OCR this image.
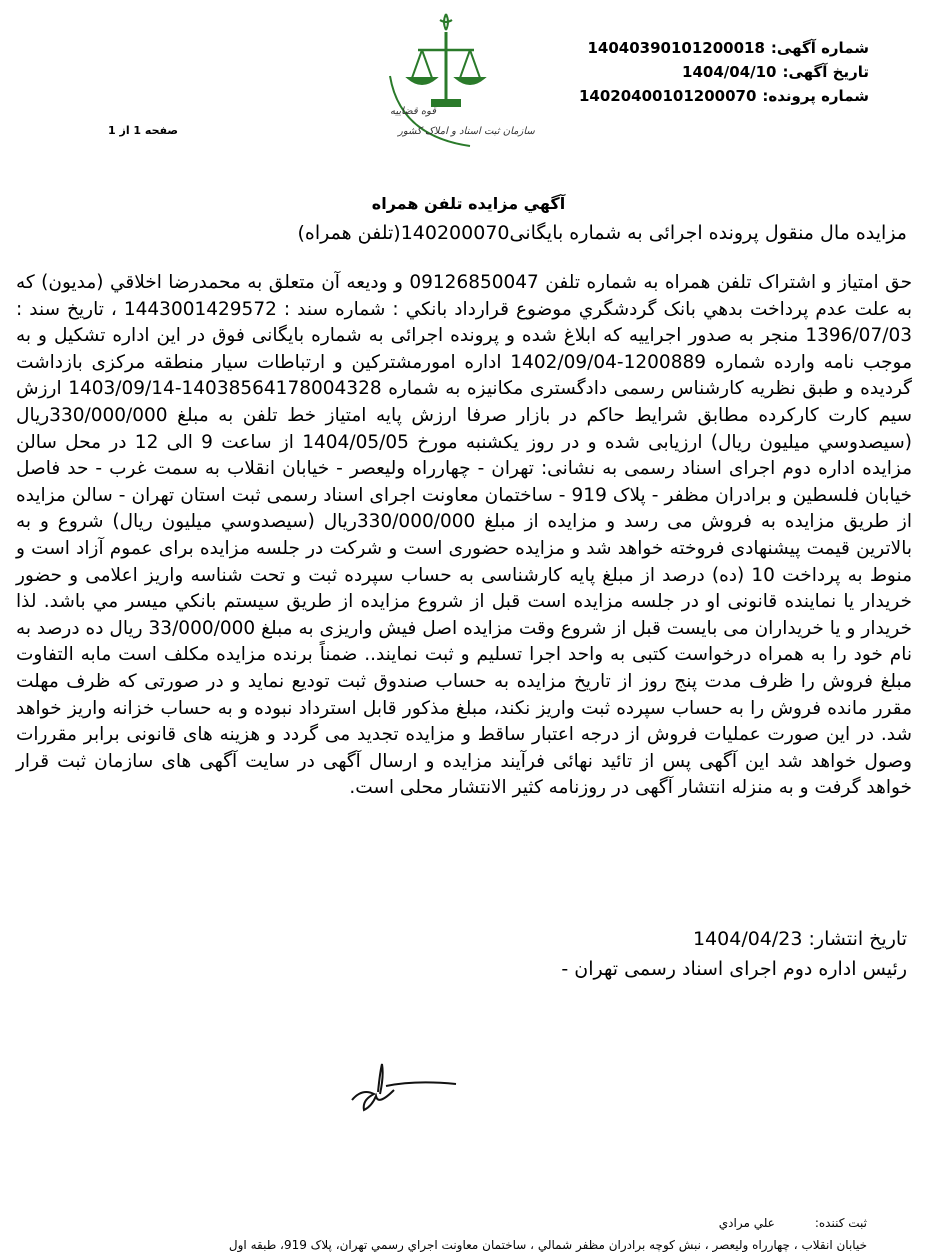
شماره آگهی:
14040390101200018
تاریخ آگهی:
1404/04/10
شماره پرونده:
14020400101200070
صفحه 1 از 1
قوه قضاییه
سازمان ثبت اسناد و املاک کشور
آگهي مزايده تلفن همراه
مزایده مال منقول پرونده اجرائی به شماره بایگانی140200070(تلفن همراه)
حق امتیاز و اشتراک تلفن همراه به شماره تلفن 09126850047 و ودیعه آن متعلق به محمدرضا اخلاقي (مدیون) که به علت عدم پرداخت بدهي بانک گردشگري موضوع قرارداد بانکي : شماره سند : 1443001429572 ، تاریخ سند : 1396/07/03 منجر به صدور اجراییه که ابلاغ شده و پرونده اجرائی به شماره بایگانی فوق در این اداره تشکیل و به موجب نامه وارده شماره 1200889-1402/09/04 اداره امورمشترکین و ارتباطات سیار منطقه مرکزی بازداشت گردیده و طبق نظریه کارشناس رسمی دادگستری مکانیزه به شماره 14038564178004328-1403/09/14 ارزش سیم کارت کارکرده مطابق شرایط حاکم در بازار صرفا ارزش پایه امتیاز خط تلفن به مبلغ 330/000/000ریال (سیصدوسي میلیون ریال) ارزیابی شده و در روز یکشنبه مورخ 1404/05/05 از ساعت 9 الی 12 در محل سالن مزایده اداره دوم اجرای اسناد رسمی به نشانی: تهران - چهارراه ولیعصر - خیابان انقلاب به سمت غرب - حد فاصل خیابان فلسطین و برادران مظفر - پلاک 919 - ساختمان معاونت اجرای اسناد رسمی ثبت استان تهران - سالن مزایده از طریق مزایده به فروش می رسد و مزایده از مبلغ 330/000/000ریال (سیصدوسي میلیون ریال) شروع و به بالاترین قیمت پیشنهادی فروخته خواهد شد و مزایده حضوری است و شرکت در جلسه مزایده برای عموم آزاد است و منوط به پرداخت 10 (ده) درصد از مبلغ پایه کارشناسی به حساب سپرده ثبت و تحت شناسه واریز اعلامی و حضور خریدار یا نماینده قانونی او در جلسه مزایده است قبل از شروع مزایده از طریق سیستم بانکي میسر مي باشد. لذا خریدار و یا خریداران می بایست قبل از شروع وقت مزایده اصل فیش واریزی به مبلغ 33/000/000 ریال ده درصد به نام خود را به همراه درخواست کتبی به واحد اجرا تسلیم و ثبت نمایند.. ضمناً برنده مزایده مکلف است مابه التفاوت مبلغ فروش را ظرف مدت پنج روز از تاریخ مزایده به حساب صندوق ثبت تودیع نماید و در صورتی که ظرف مهلت مقرر مانده فروش را به حساب سپرده ثبت واریز نکند، مبلغ مذکور قابل استرداد نبوده و به حساب خزانه واریز خواهد شد. در این صورت عملیات فروش از درجه اعتبار ساقط و مزایده تجدید می گردد و هزینه های قانونی برابر مقررات وصول خواهد شد این آگهی پس از تائید نهائی فرآیند مزایده و ارسال آگهی در سایت آگهی های سازمان ثبت قرار خواهد گرفت و به منزله انتشار آگهی در روزنامه کثیر الانتشار محلی است.
تاریخ انتشار: 1404/04/23
رئیس اداره دوم اجرای اسناد رسمی تهران -
ثبت کننده:
علي مرادي
خیابان انقلاب ، چهارراه ولیعصر ، نبش کوچه برادران مظفر شمالي ، ساختمان معاونت اجراي رسمي تهران، پلاک 919، طبقه اول
